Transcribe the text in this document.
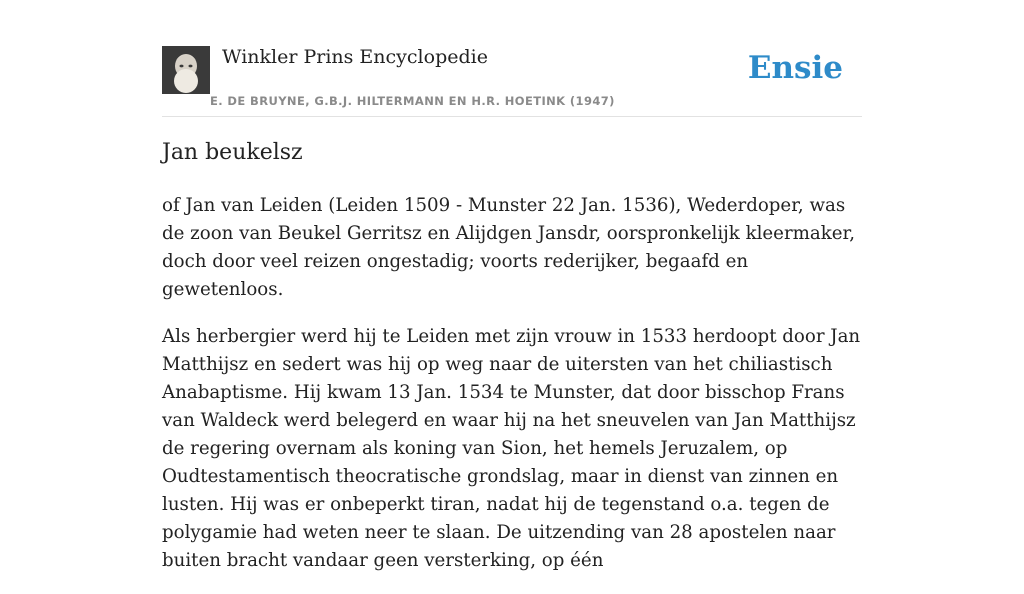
Winkler Prins Encyclopedie
E. DE BRUYNE, G.B.J. HILTERMANN EN H.R. HOETINK (1947)
Ensie
Jan beukelsz

of Jan van Leiden (Leiden 1509 - Munster 22 Jan. 1536), Wederdoper, was de zoon van Beukel Gerritsz en Alijdgen Jansdr, oorspronkelijk kleermaker, doch door veel reizen ongestadig; voorts rederijker, begaafd en gewetenloos.

Als herbergier werd hij te Leiden met zijn vrouw in 1533 herdoopt door Jan Matthijsz en sedert was hij op weg naar de uitersten van het chiliastisch Anabaptisme. Hij kwam 13 Jan. 1534 te Munster, dat door bisschop Frans van Waldeck werd belegerd en waar hij na het sneuvelen van Jan Matthijsz de regering overnam als koning van Sion, het hemels Jeruzalem, op Oudtestamentisch theocratische grondslag, maar in dienst van zinnen en lusten. Hij was er onbeperkt tiran, nadat hij de tegenstand o.a. tegen de polygamie had weten neer te slaan. De uitzending van 28 apostelen naar buiten bracht vandaar geen versterking, op één
